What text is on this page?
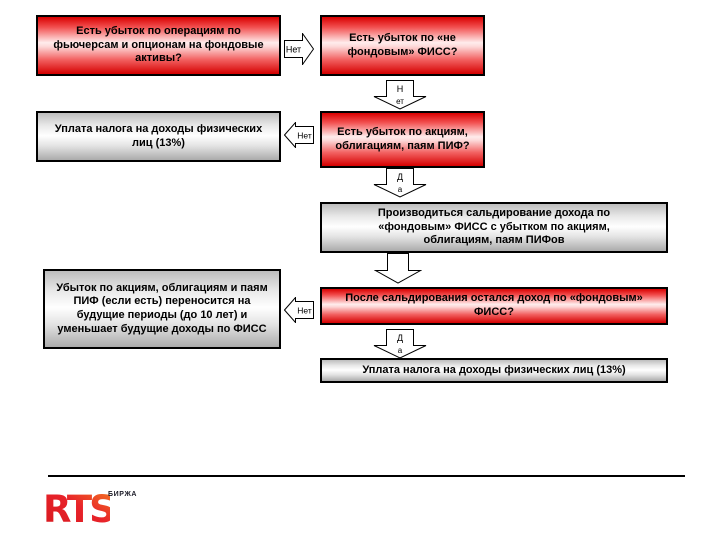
Есть убыток по операциям по фьючерсам и опционам на фондовые активы?
Нет
Есть убыток по «не фондовым» ФИСС?
Н
ет
Уплата налога на доходы физических лиц (13%)
Нет	Есть убыток по акциям, облигациям, паям ПИФ?
Д
а
Производиться сальдирование дохода по «фондовым» ФИСС с убытком по акциям, облигациям, паям ПИФов
После сальдирования остался доход по «фондовым» ФИСС?
Нет
Убыток по акциям, облигациям и паям ПИФ (если есть) переносится на будущие периоды (до 10 лет) и уменьшает будущие доходы по ФИСС
Д
а
Уплата налога на доходы физических лиц (13%)
RTS
БИРЖА
